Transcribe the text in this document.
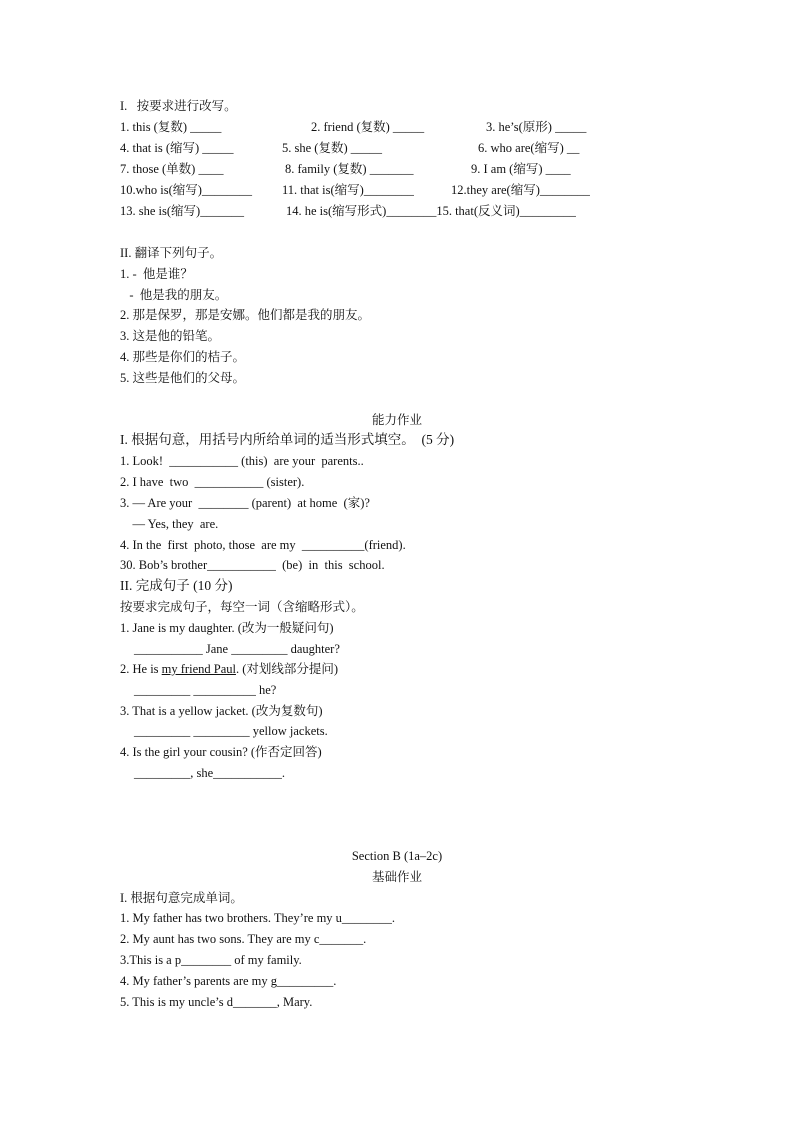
I.   按要求进行改写。
1. this (复数) _____	2. friend (复数) _____	3. he’s(原形) _____
4. that is (缩写) _____	5. she (复数) _____	6. who are(缩写) __
7. those (单数) ____	8. family (复数) _______	9. I am (缩写) ____
10.who is(缩写)________ 11. that is(缩写)________	12.they are(缩写)________
13. she is(缩写)_______	14. he is(缩写形式)________15. that(反义词)_________
II. 翻译下列句子。
1. -  他是谁？
-  他是我的朋友。
2. 那是保罗，那是安娜。他们都是我的朋友。
3. 这是他的铅笔。
4. 那些是你们的桔子。
5. 这些是他们的父母。
能力作业
I. 根据句意，用括号内所给单词的适当形式填空。  (5 分)
1. Look!  ___________ (this)  are your  parents..
2. I have  two  ___________ (sister).
3. — Are your  ________ (parent)  at home  (家)?
— Yes, they  are.
4. In the  first  photo, those  are my  __________(friend).
30. Bob’s brother___________  (be)  in  this  school.
II. 完成句子 (10 分)
按要求完成句子，每空一词（含缩略形式）。
1. Jane is my daughter. (改为一般疑问句)
___________ Jane _________ daughter?
2. He is my friend Paul. (对划线部分提问)
_________ __________ he?
3. That is a yellow jacket. (改为复数句)
_________ _________ yellow jackets.
4. Is the girl your cousin? (作否定回答)
_________, she___________.
Section B (1a–2c)
基础作业
I. 根据句意完成单词。
1. My father has two brothers. They’re my u________.
2. My aunt has two sons. They are my c_______.
3.This is a p________ of my family.
4. My father’s parents are my g_________.
5. This is my uncle’s d_______, Mary.
